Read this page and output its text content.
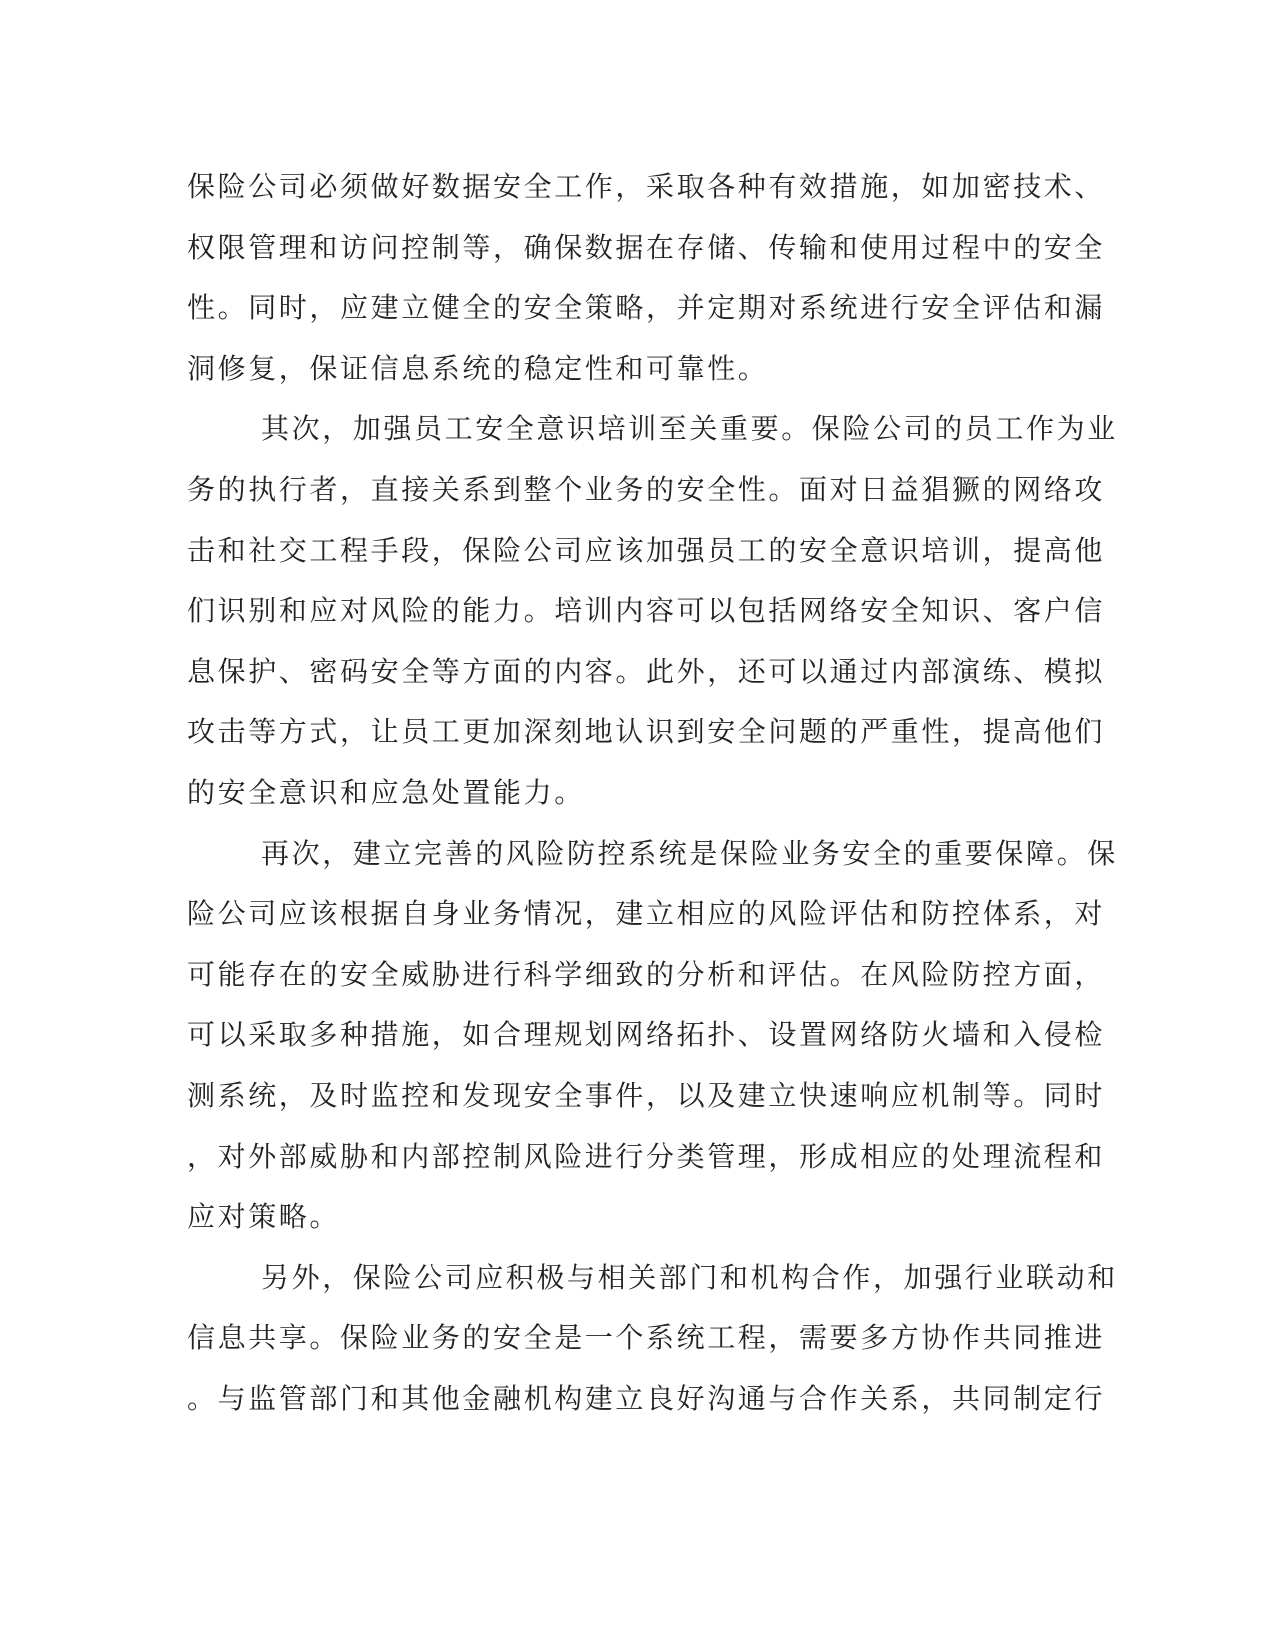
保险公司必须做好数据安全工作，采取各种有效措施，如加密技术、
权限管理和访问控制等，确保数据在存储、传输和使用过程中的安全
性。同时，应建立健全的安全策略，并定期对系统进行安全评估和漏
洞修复，保证信息系统的稳定性和可靠性。
其次，加强员工安全意识培训至关重要。保险公司的员工作为业
务的执行者，直接关系到整个业务的安全性。面对日益猖獗的网络攻
击和社交工程手段，保险公司应该加强员工的安全意识培训，提高他
们识别和应对风险的能力。培训内容可以包括网络安全知识、客户信
息保护、密码安全等方面的内容。此外，还可以通过内部演练、模拟
攻击等方式，让员工更加深刻地认识到安全问题的严重性，提高他们
的安全意识和应急处置能力。
再次，建立完善的风险防控系统是保险业务安全的重要保障。保
险公司应该根据自身业务情况，建立相应的风险评估和防控体系，对
可能存在的安全威胁进行科学细致的分析和评估。在风险防控方面，
可以采取多种措施，如合理规划网络拓扑、设置网络防火墙和入侵检
测系统，及时监控和发现安全事件，以及建立快速响应机制等。同时
，对外部威胁和内部控制风险进行分类管理，形成相应的处理流程和
应对策略。
另外，保险公司应积极与相关部门和机构合作，加强行业联动和
信息共享。保险业务的安全是一个系统工程，需要多方协作共同推进
。与监管部门和其他金融机构建立良好沟通与合作关系，共同制定行
